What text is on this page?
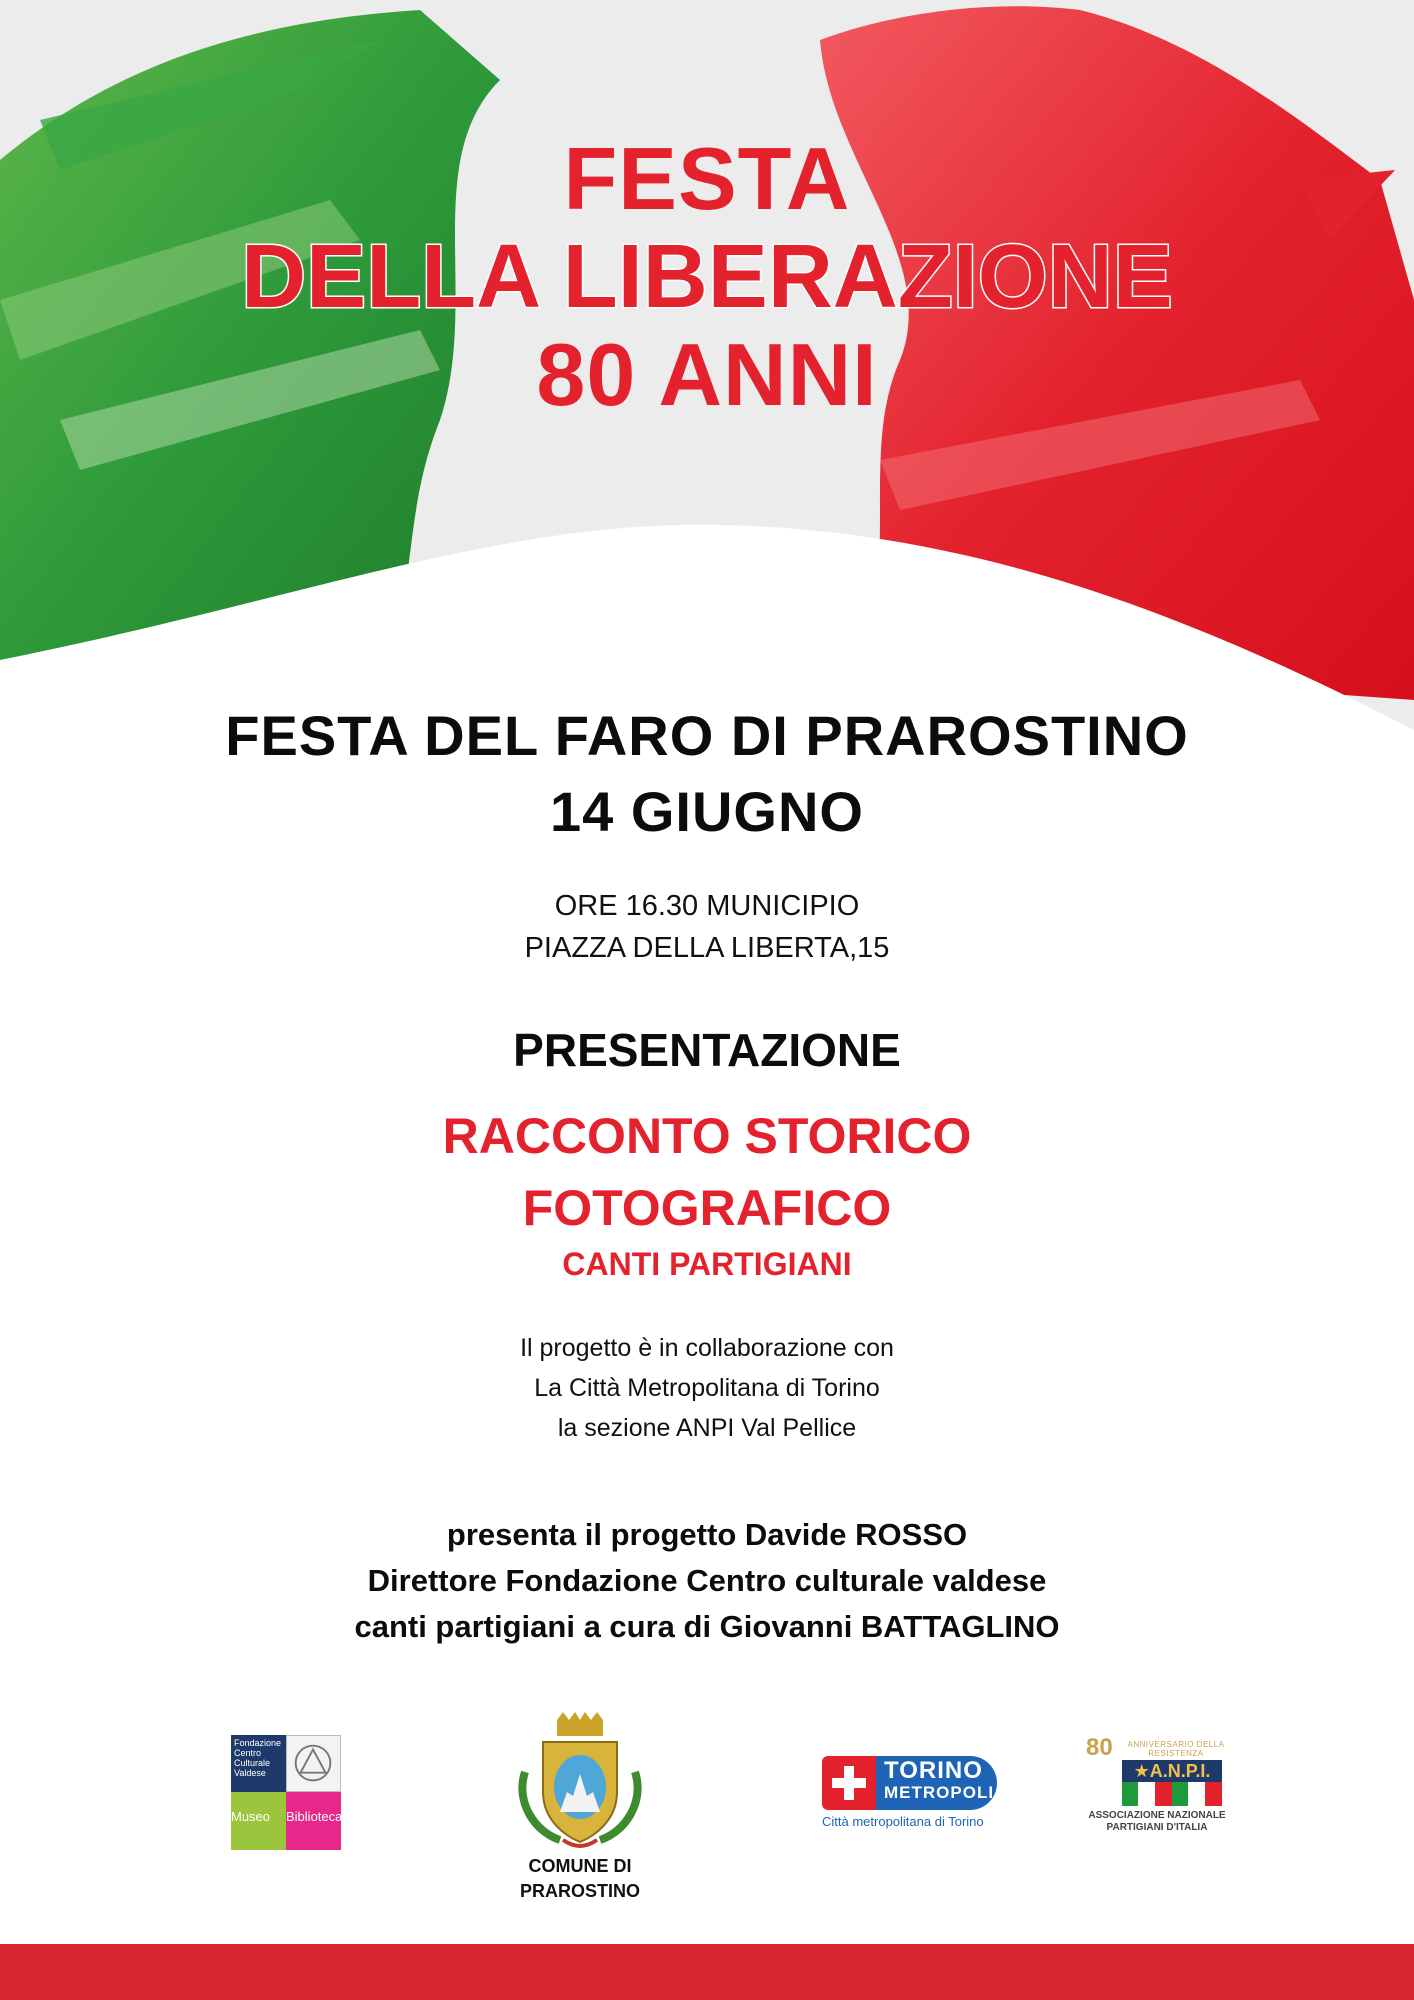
FESTA
DELLA LIBERAZIONE
80 ANNI
FESTA DEL FARO DI PRAROSTINO
14 GIUGNO
ORE 16.30 MUNICIPIO
PIAZZA DELLA LIBERTA,15
PRESENTAZIONE
RACCONTO STORICO
FOTOGRAFICO
CANTI PARTIGIANI
Il progetto è in collaborazione con
La Città Metropolitana di Torino
la sezione ANPI Val Pellice
presenta il progetto Davide ROSSO
Direttore Fondazione Centro culturale valdese
canti partigiani a cura di Giovanni BATTAGLINO
Fondazione
Centro
Culturale
Valdese
Museo	Biblioteca
COMUNE DI
PRAROSTINO
TORINO
METROPOLI
Città metropolitana di Torino
80	ANNIVERSARIO DELLA RESISTENZA
★A.N.P.I.
ASSOCIAZIONE NAZIONALE
PARTIGIANI D'ITALIA
